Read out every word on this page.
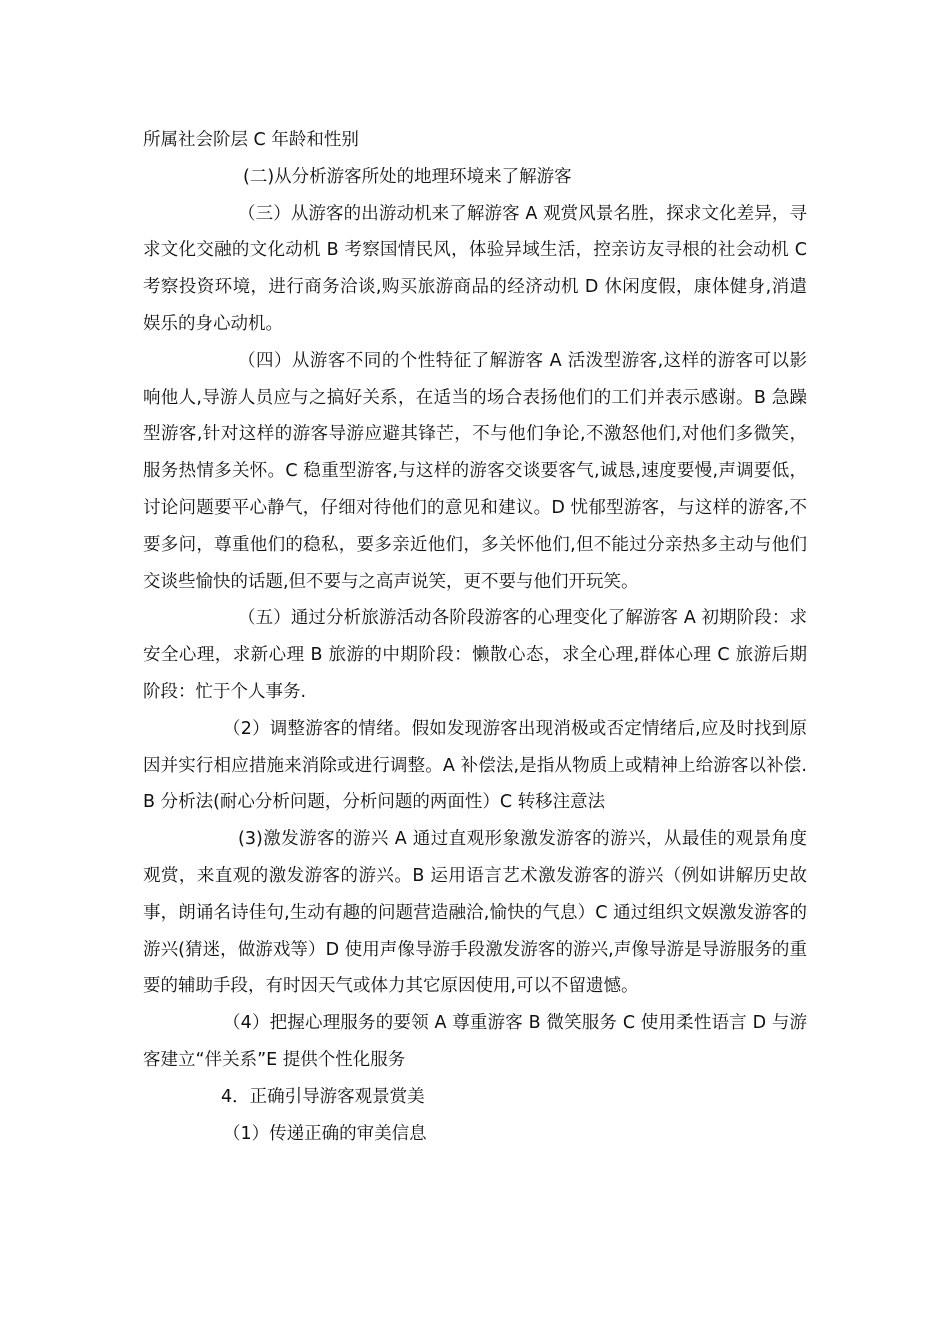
所属社会阶层 C 年龄和性别

(二)从分析游客所处的地理环境来了解游客

（三）从游客的出游动机来了解游客 A 观赏风景名胜，探求文化差异，寻求文化交融的文化动机 B 考察国情民风，体验异域生活，控亲访友寻根的社会动机 C 考察投资环境，进行商务洽谈,购买旅游商品的经济动机 D 休闲度假，康体健身,消遣娱乐的身心动机。

（四）从游客不同的个性特征了解游客 A 活泼型游客,这样的游客可以影响他人,导游人员应与之搞好关系，在适当的场合表扬他们的工们并表示感谢。B 急躁型游客,针对这样的游客导游应避其锋芒，不与他们争论,不激怒他们,对他们多微笑，服务热情多关怀。C 稳重型游客,与这样的游客交谈要客气,诚恳,速度要慢,声调要低，讨论问题要平心静气，仔细对待他们的意见和建议。D 忧郁型游客，与这样的游客,不要多问，尊重他们的稳私，要多亲近他们，多关怀他们,但不能过分亲热多主动与他们交谈些愉快的话题,但不要与之高声说笑，更不要与他们开玩笑。

（五）通过分析旅游活动各阶段游客的心理变化了解游客 A 初期阶段：求安全心理，求新心理 B 旅游的中期阶段：懒散心态，求全心理,群体心理 C 旅游后期阶段：忙于个人事务.

（2）调整游客的情绪。假如发现游客出现消极或否定情绪后,应及时找到原因并实行相应措施来消除或进行调整。A 补偿法,是指从物质上或精神上给游客以补偿.B 分析法(耐心分析问题，分析问题的两面性）C 转移注意法

(3)激发游客的游兴 A 通过直观形象激发游客的游兴，从最佳的观景角度观赏，来直观的激发游客的游兴。B 运用语言艺术激发游客的游兴（例如讲解历史故事，朗诵名诗佳句,生动有趣的问题营造融洽,愉快的气息）C 通过组织文娱激发游客的游兴(猜迷，做游戏等）D 使用声像导游手段激发游客的游兴,声像导游是导游服务的重要的辅助手段，有时因天气或体力其它原因使用,可以不留遗憾。

（4）把握心理服务的要领 A 尊重游客 B 微笑服务 C 使用柔性语言 D 与游客建立“伴关系”E 提供个性化服务

4．正确引导游客观景赏美

（1）传递正确的审美信息
